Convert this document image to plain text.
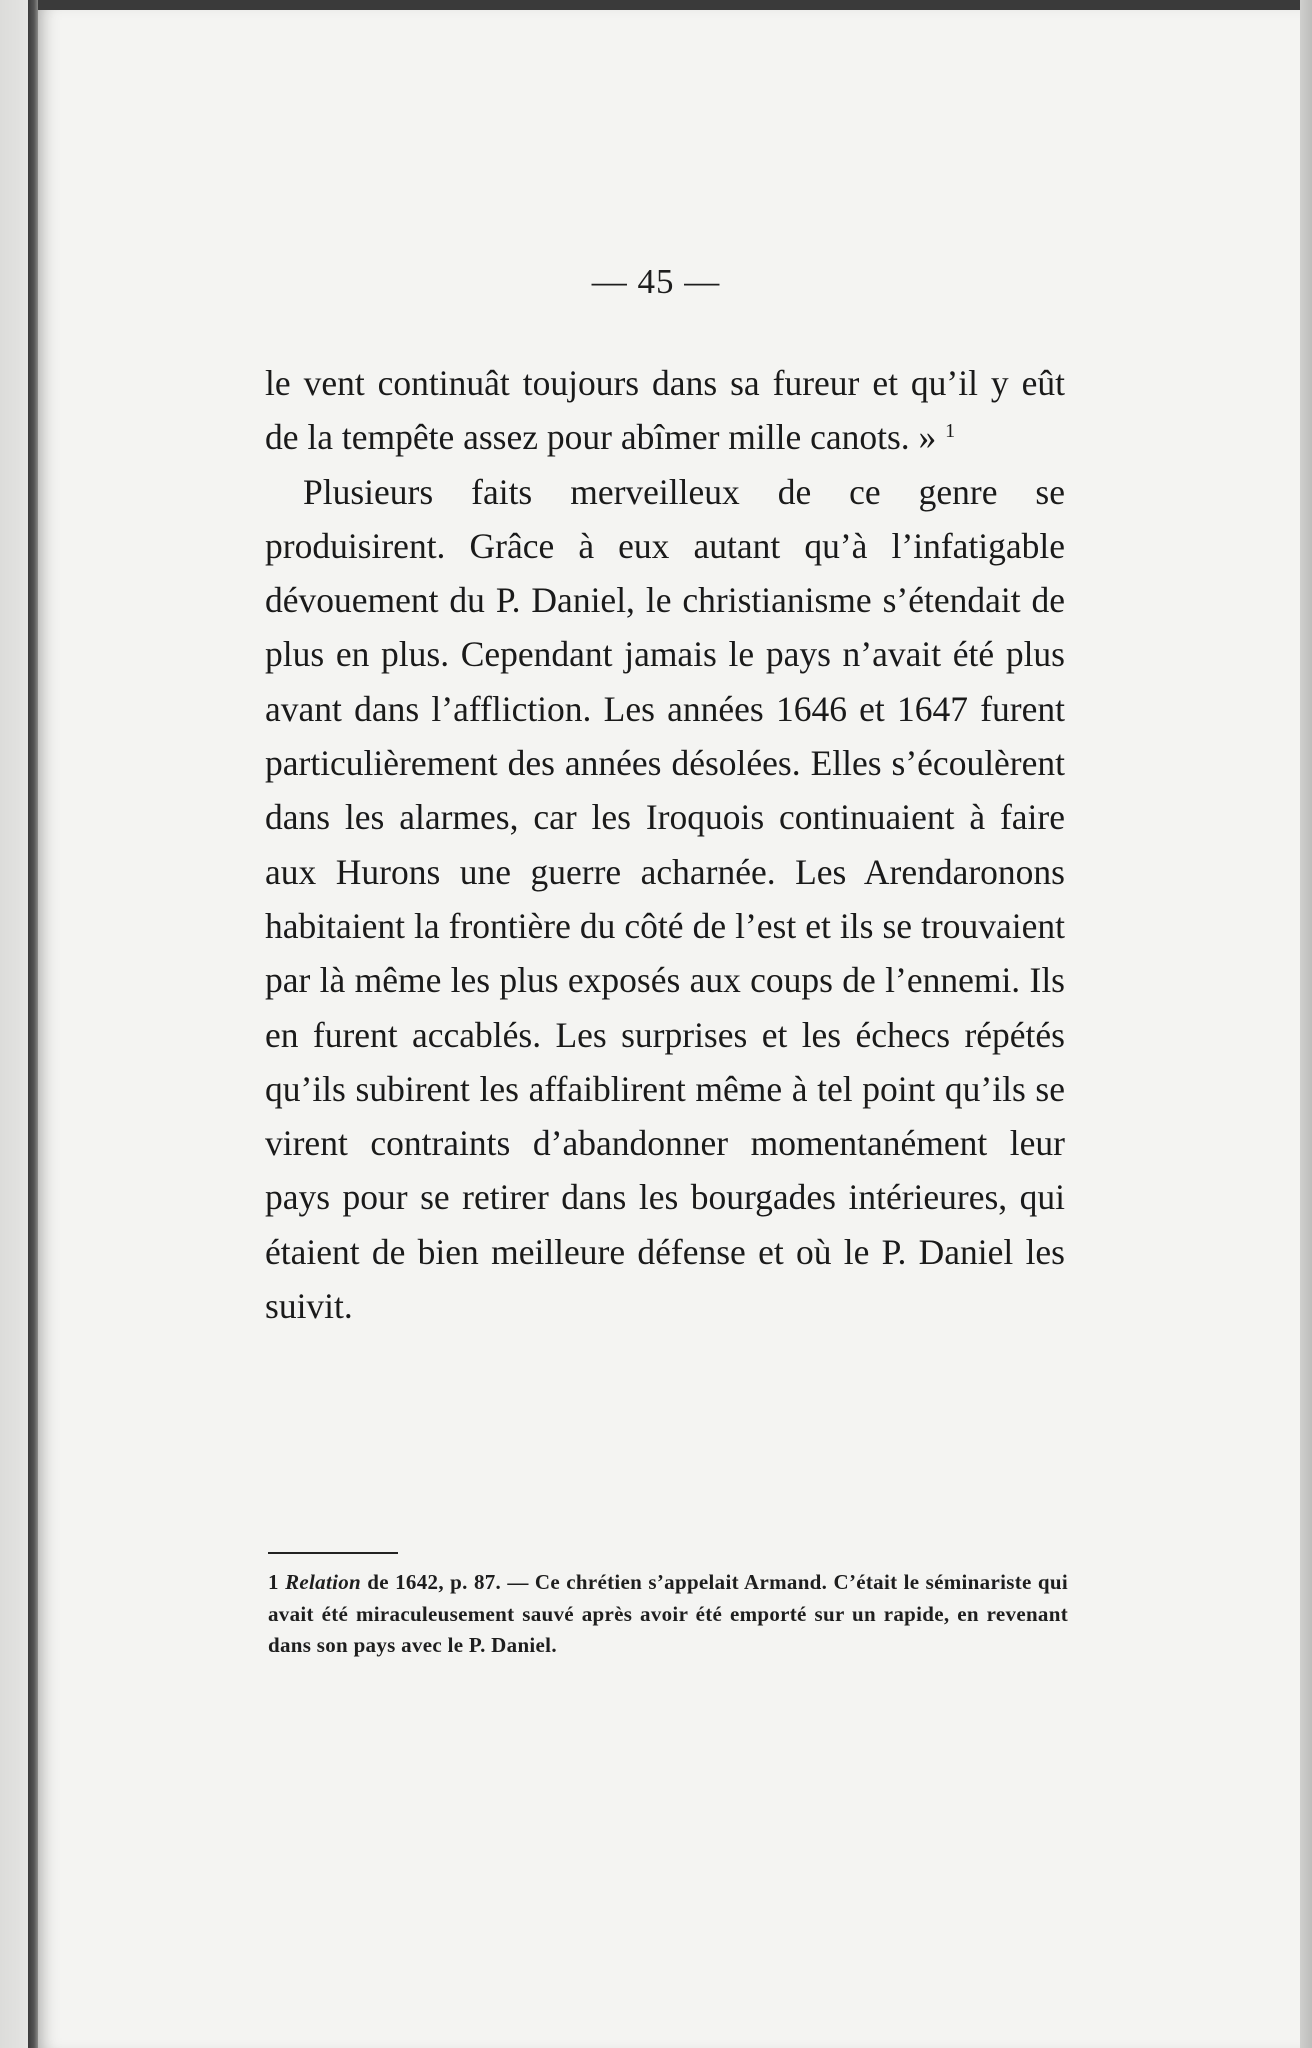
— 45 —

le vent continuât toujours dans sa fureur et qu’il y eût de la tempête assez pour abîmer mille canots. » $^1$

Plusieurs faits merveilleux de ce genre se produisirent. Grâce à eux autant qu’à l’infatigable dévouement du P. Daniel, le christianisme s’étendait de plus en plus. Cependant jamais le pays n’avait été plus avant dans l’affliction. Les années 1646 et 1647 furent particulièrement des années désolées. Elles s’écoulèrent dans les alarmes, car les Iroquois continuaient à faire aux Hurons une guerre acharnée. Les Arendaronons habitaient la frontière du côté de l’est et ils se trouvaient par là même les plus exposés aux coups de l’ennemi. Ils en furent accablés. Les surprises et les échecs répétés qu’ils subirent les affaiblirent même à tel point qu’ils se virent contraints d’abandonner momentanément leur pays pour se retirer dans les bourgades intérieures, qui étaient de bien meilleure défense et où le P. Daniel les suivit.

1 Relation de 1642, p. 87. — Ce chrétien s’appelait Armand. C’était le séminariste qui avait été miraculeusement sauvé après avoir été emporté sur un rapide, en revenant dans son pays avec le P. Daniel.
